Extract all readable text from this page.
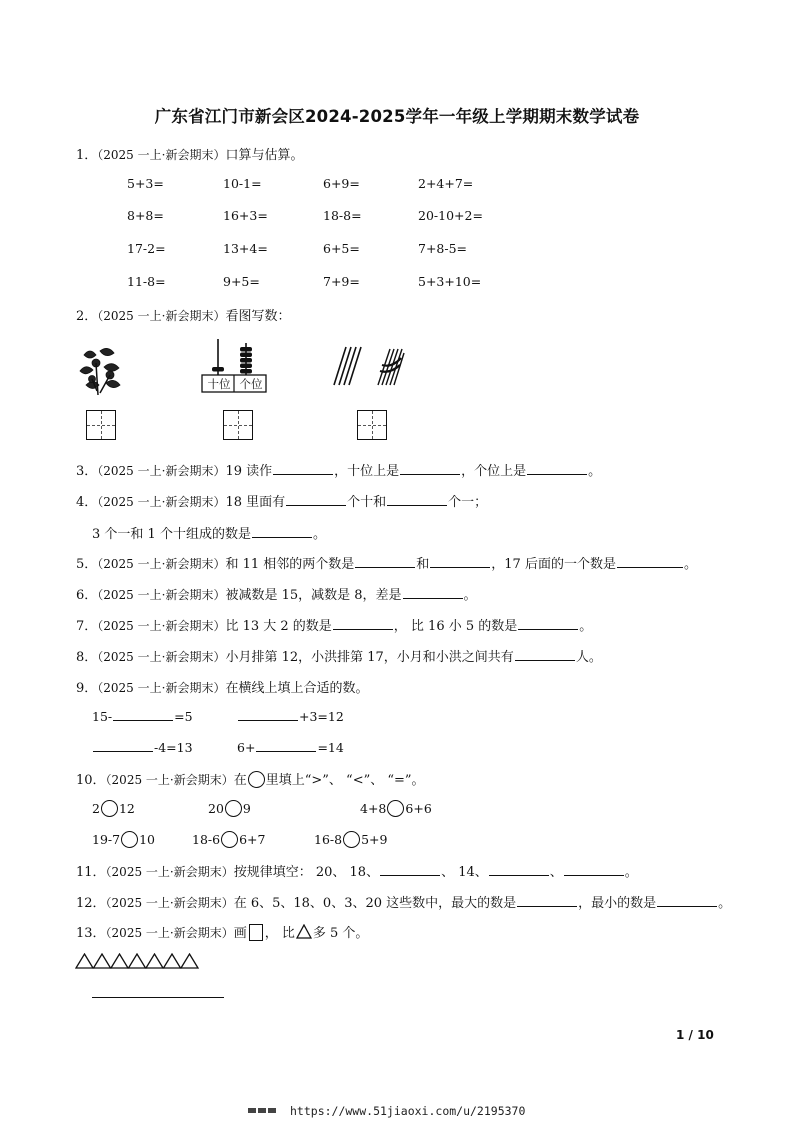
广东省江门市新会区2024-2025学年一年级上学期期末数学试卷
1．（2025 一上·新会期末）口算与估算。
5+3=	10-1=	6+9=	2+4+7=
8+8=	16+3=	18-8=	20-10+2=
17-2=	13+4=	6+5=	7+8-5=
11-8=	9+5=	7+9=	5+3+10=
2．（2025 一上·新会期末）看图写数：
十位 个位
3．（2025 一上·新会期末）19 读作	，十位上是	，个位上是	。
4．（2025 一上·新会期末）18 里面有	个十和	个一；
3 个一和 1 个十组成的数是	。
5．（2025 一上·新会期末）和 11 相邻的两个数是	和	，17 后面的一个数是	。
6．（2025 一上·新会期末）被减数是 15，减数是 8，差是	。
7．（2025 一上·新会期末）比 13 大 2 的数是	， 比 16 小 5 的数是	。
8．（2025 一上·新会期末）小月排第 12，小洪排第 17，小月和小洪之间共有	人。
9．（2025 一上·新会期末）在横线上填上合适的数。
15-	=5	+3=12
-4=13	6+	=14
10．（2025 一上·新会期末）在 里填上“>”、 “<”、 “=”。
2 12	20 9	4+8 6+6
19-7 10	18-6 6+7	16-8 5+9
11．（2025 一上·新会期末）按规律填空： 20、 18、	、 14、	、	。
12．（2025 一上·新会期末）在 6、5、18、0、3、20 这些数中，最大的数是	，最小的数是	。
13．（2025 一上·新会期末）画 ， 比 多 5 个。
1 / 10
https://www.51jiaoxi.com/u/2195370
